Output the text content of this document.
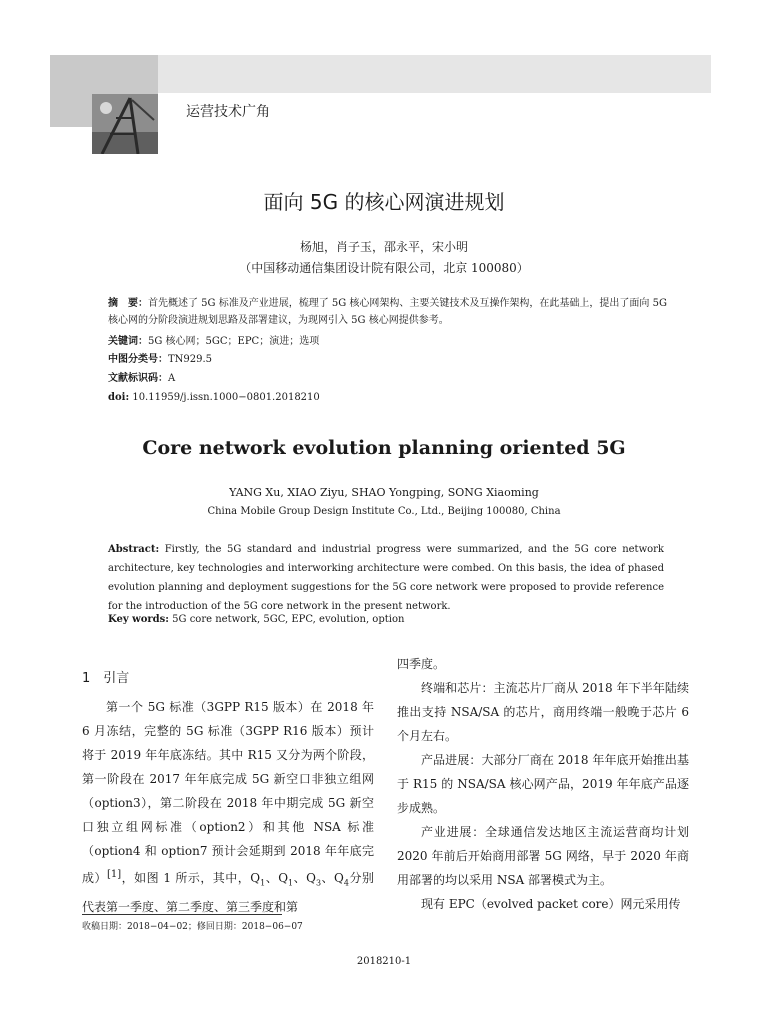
运营技术广角
面向 5G 的核心网演进规划
杨旭，肖子玉，邵永平，宋小明
（中国移动通信集团设计院有限公司，北京 100080）
摘　要：首先概述了 5G 标准及产业进展，梳理了 5G 核心网架构、主要关键技术及互操作架构，在此基础上，提出了面向 5G 核心网的分阶段演进规划思路及部署建议，为现网引入 5G 核心网提供参考。
关键词：5G 核心网；5GC；EPC；演进；选项
中图分类号：TN929.5
文献标识码：A
doi: 10.11959/j.issn.1000−0801.2018210
Core network evolution planning oriented 5G
YANG Xu, XIAO Ziyu, SHAO Yongping, SONG Xiaoming
China Mobile Group Design Institute Co., Ltd., Beijing 100080, China
Abstract: Firstly, the 5G standard and industrial progress were summarized, and the 5G core network architecture, key technologies and interworking architecture were combed. On this basis, the idea of phased evolution planning and deployment suggestions for the 5G core network were proposed to provide reference for the introduction of the 5G core network in the present network.
Key words: 5G core network, 5GC, EPC, evolution, option
1  引言

第一个 5G 标准（3GPP R15 版本）在 2018 年 6 月冻结，完整的 5G 标准（3GPP R16 版本）预计将于 2019 年年底冻结。其中 R15 又分为两个阶段，第一阶段在 2017 年年底完成 5G 新空口非独立组网（option3），第二阶段在 2018 年中期完成 5G 新空口独立组网标准（option2）和其他 NSA 标准（option4 和 option7 预计会延期到 2018 年年底完成）[1]，如图 1 所示，其中，$Q_1$、$Q_1$、$Q_3$、$Q_4$分别代表第一季度、第二季度、第三季度和第

四季度。

终端和芯片：主流芯片厂商从 2018 年下半年陆续推出支持 NSA/SA 的芯片，商用终端一般晚于芯片 6 个月左右。

产品进展：大部分厂商在 2018 年年底开始推出基于 R15 的 NSA/SA 核心网产品，2019 年年底产品逐步成熟。

产业进展：全球通信发达地区主流运营商均计划 2020 年前后开始商用部署 5G 网络，早于 2020 年商用部署的均以采用 NSA 部署模式为主。

现有 EPC（evolved packet core）网元采用传

收稿日期：2018−04−02；修回日期：2018−06−07
2018210-1
